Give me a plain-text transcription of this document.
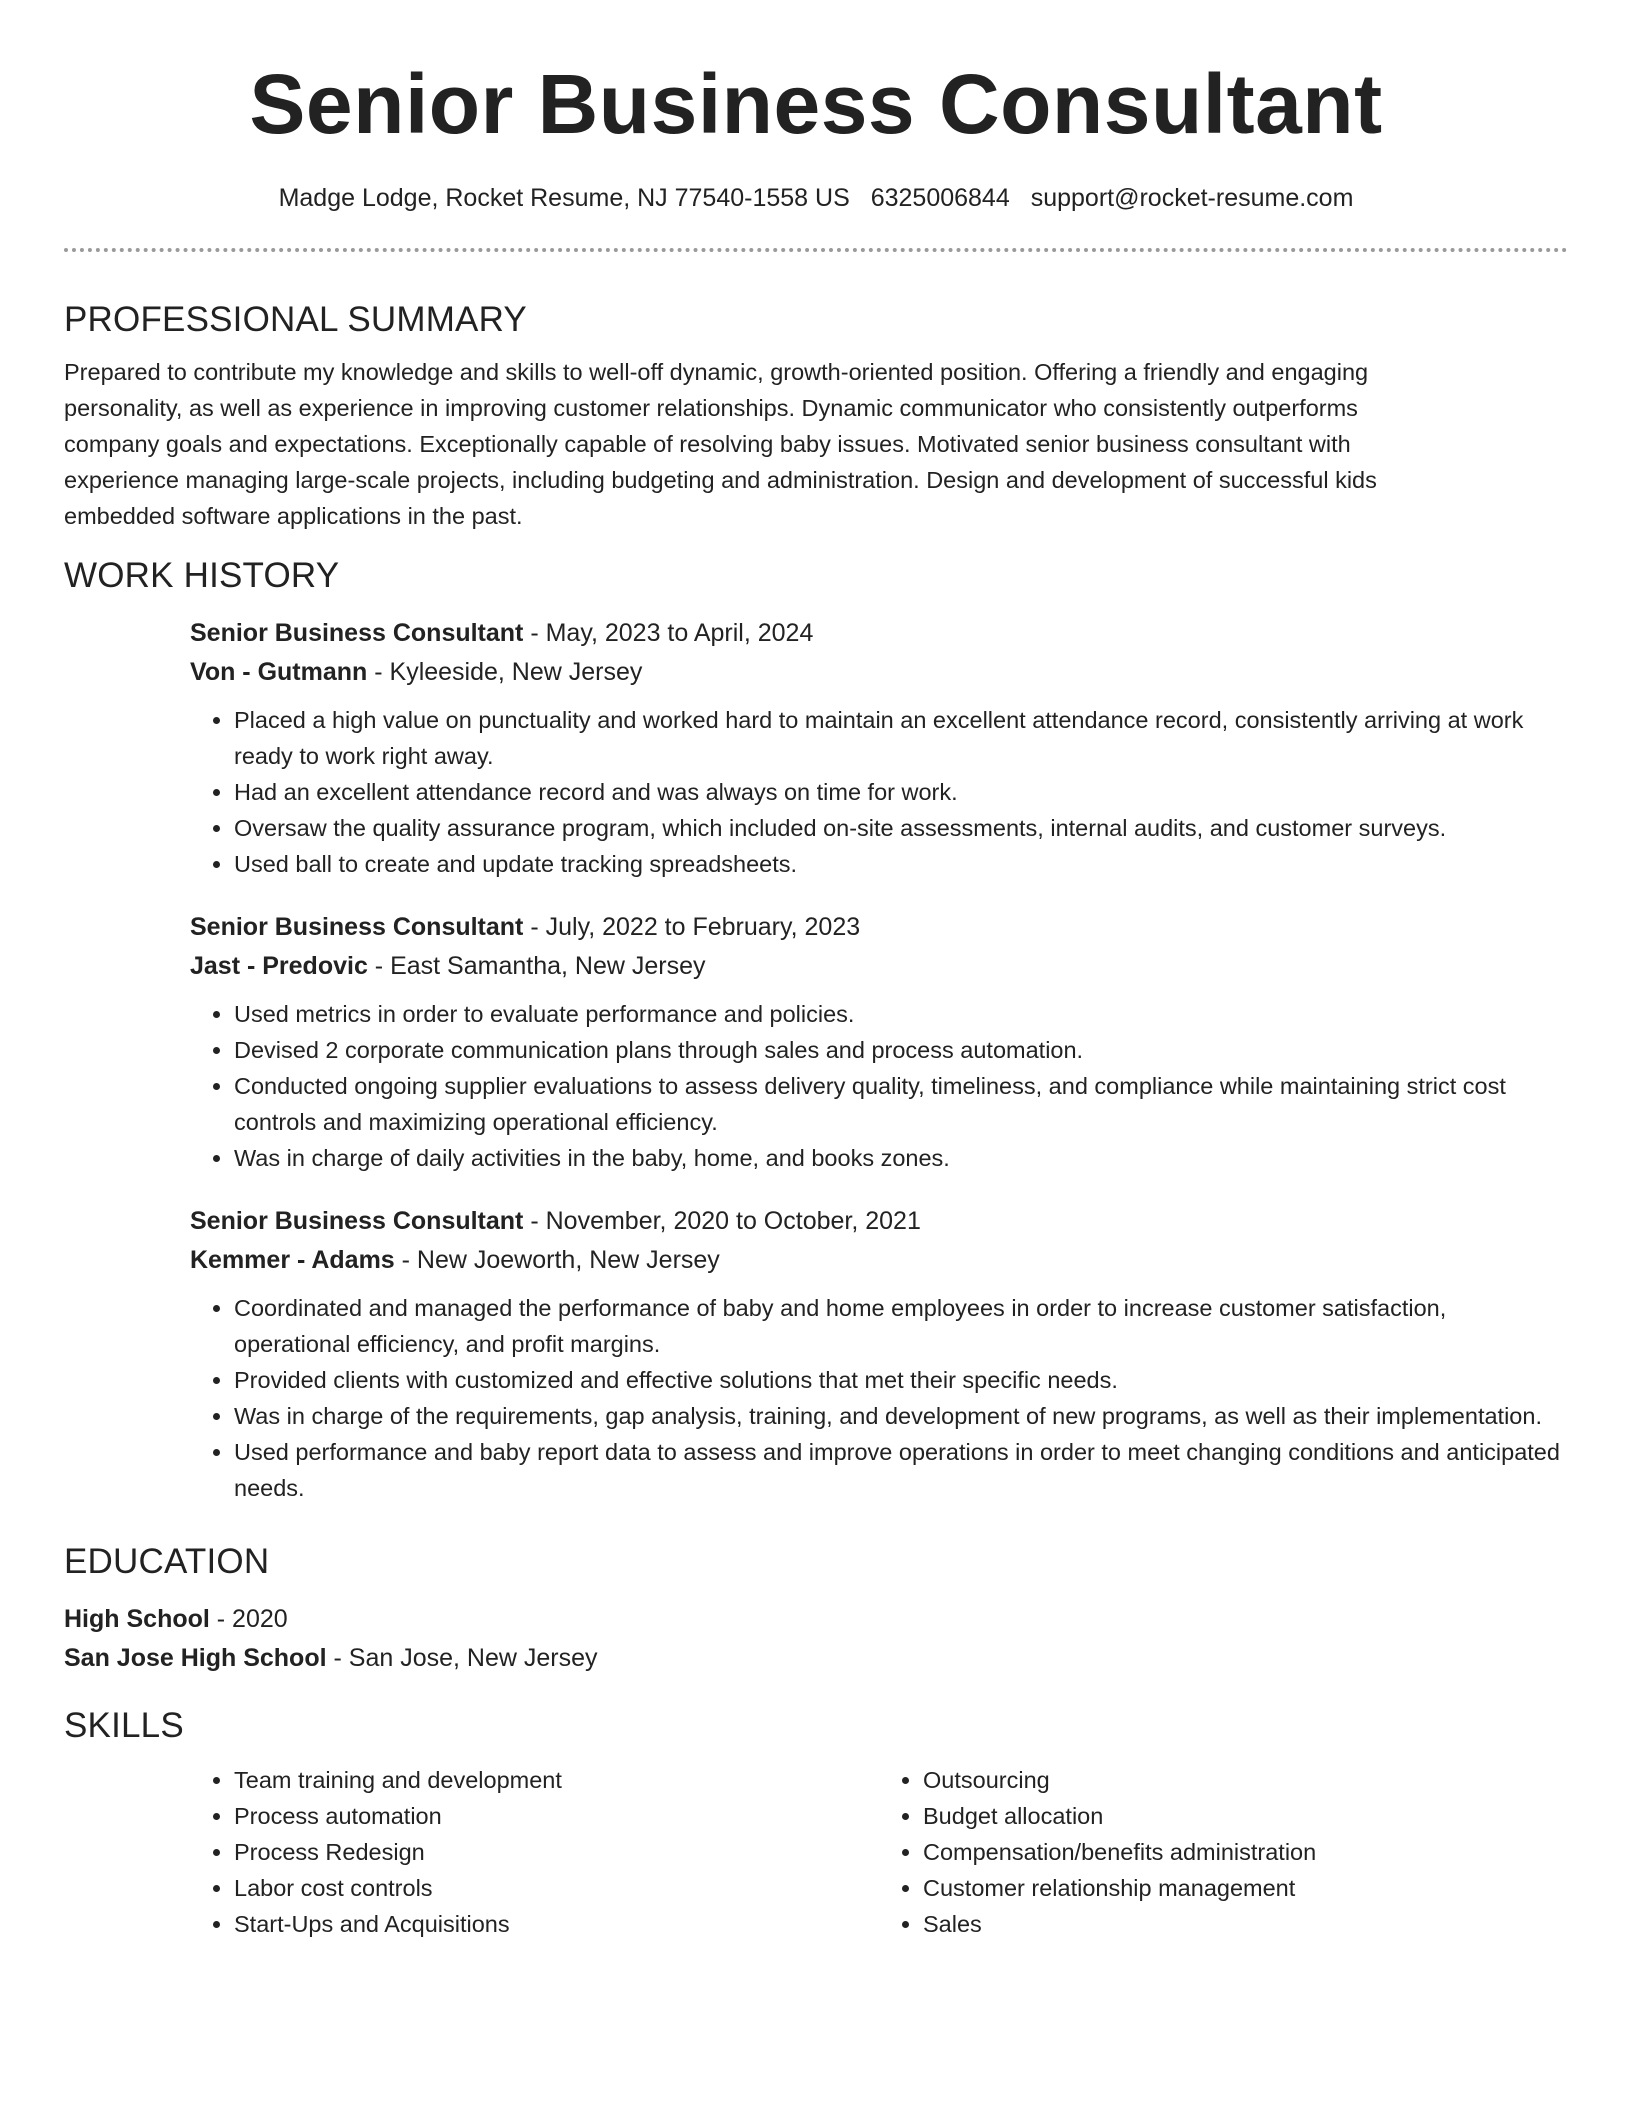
Senior Business Consultant
Madge Lodge, Rocket Resume, NJ 77540-1558 US 6325006844 support@rocket-resume.com
PROFESSIONAL SUMMARY

Prepared to contribute my knowledge and skills to well-off dynamic, growth-oriented position. Offering a friendly and engaging personality, as well as experience in improving customer relationships. Dynamic communicator who consistently outperforms company goals and expectations. Exceptionally capable of resolving baby issues. Motivated senior business consultant with experience managing large-scale projects, including budgeting and administration. Design and development of successful kids embedded software applications in the past.

WORK HISTORY

Senior Business Consultant - May, 2023 to April, 2024

Von - Gutmann - Kyleeside, New Jersey

• Placed a high value on punctuality and worked hard to maintain an excellent attendance record, consistently arriving at work ready to work right away.
• Had an excellent attendance record and was always on time for work.
• Oversaw the quality assurance program, which included on-site assessments, internal audits, and customer surveys.
• Used ball to create and update tracking spreadsheets.

Senior Business Consultant - July, 2022 to February, 2023

Jast - Predovic - East Samantha, New Jersey

• Used metrics in order to evaluate performance and policies.
• Devised 2 corporate communication plans through sales and process automation.
• Conducted ongoing supplier evaluations to assess delivery quality, timeliness, and compliance while maintaining strict cost controls and maximizing operational efficiency.
• Was in charge of daily activities in the baby, home, and books zones.

Senior Business Consultant - November, 2020 to October, 2021

Kemmer - Adams - New Joeworth, New Jersey

• Coordinated and managed the performance of baby and home employees in order to increase customer satisfaction, operational efficiency, and profit margins.
• Provided clients with customized and effective solutions that met their specific needs.
• Was in charge of the requirements, gap analysis, training, and development of new programs, as well as their implementation.
• Used performance and baby report data to assess and improve operations in order to meet changing conditions and anticipated needs.
EDUCATION

High School - 2020

San Jose High School - San Jose, New Jersey

SKILLS
• Team training and development
• Process automation
• Process Redesign
• Labor cost controls
• Start-Ups and Acquisitions
• Outsourcing
• Budget allocation
• Compensation/benefits administration
• Customer relationship management
• Sales
